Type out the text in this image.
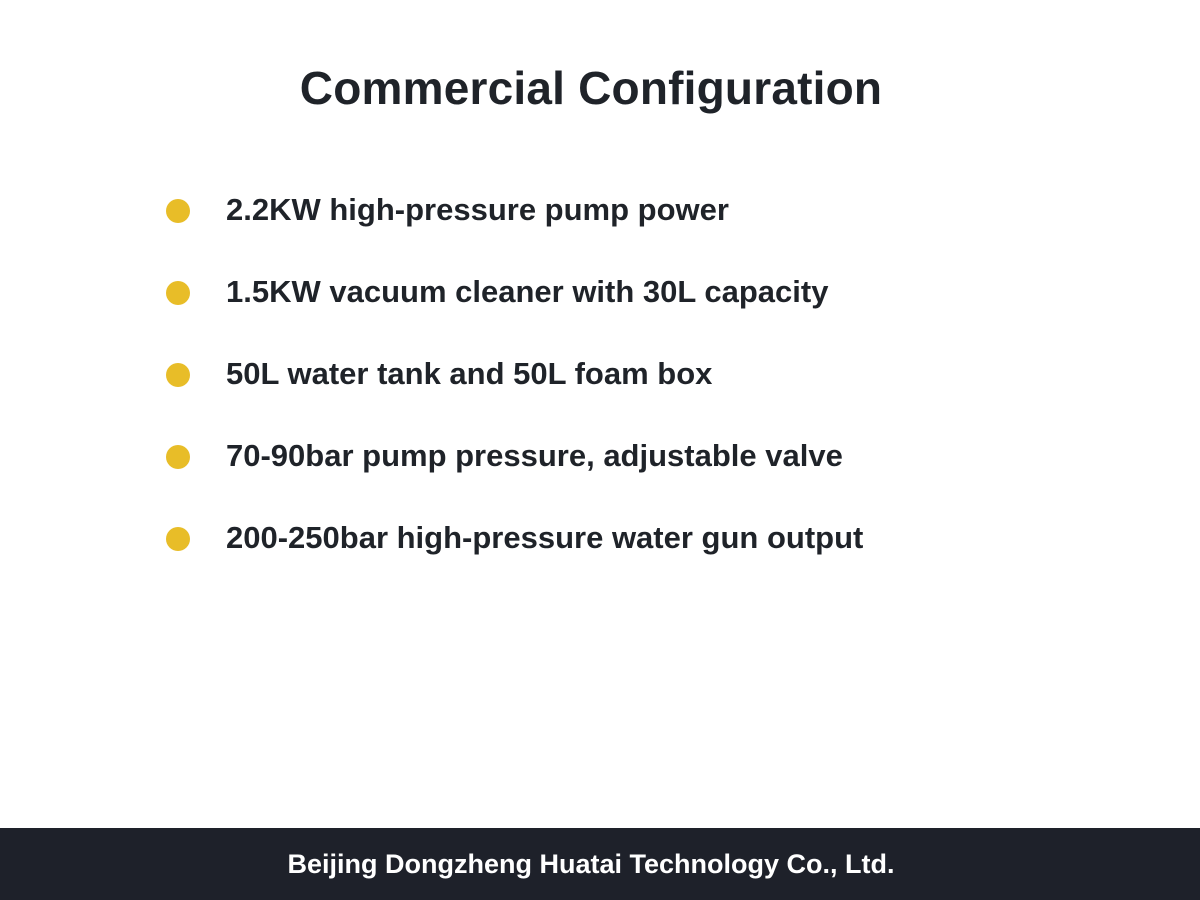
Commercial Configuration
2.2KW high-pressure pump power
1.5KW vacuum cleaner with 30L capacity
50L water tank and 50L foam box
70-90bar pump pressure, adjustable valve
200-250bar high-pressure water gun output
Beijing Dongzheng Huatai Technology Co., Ltd.
